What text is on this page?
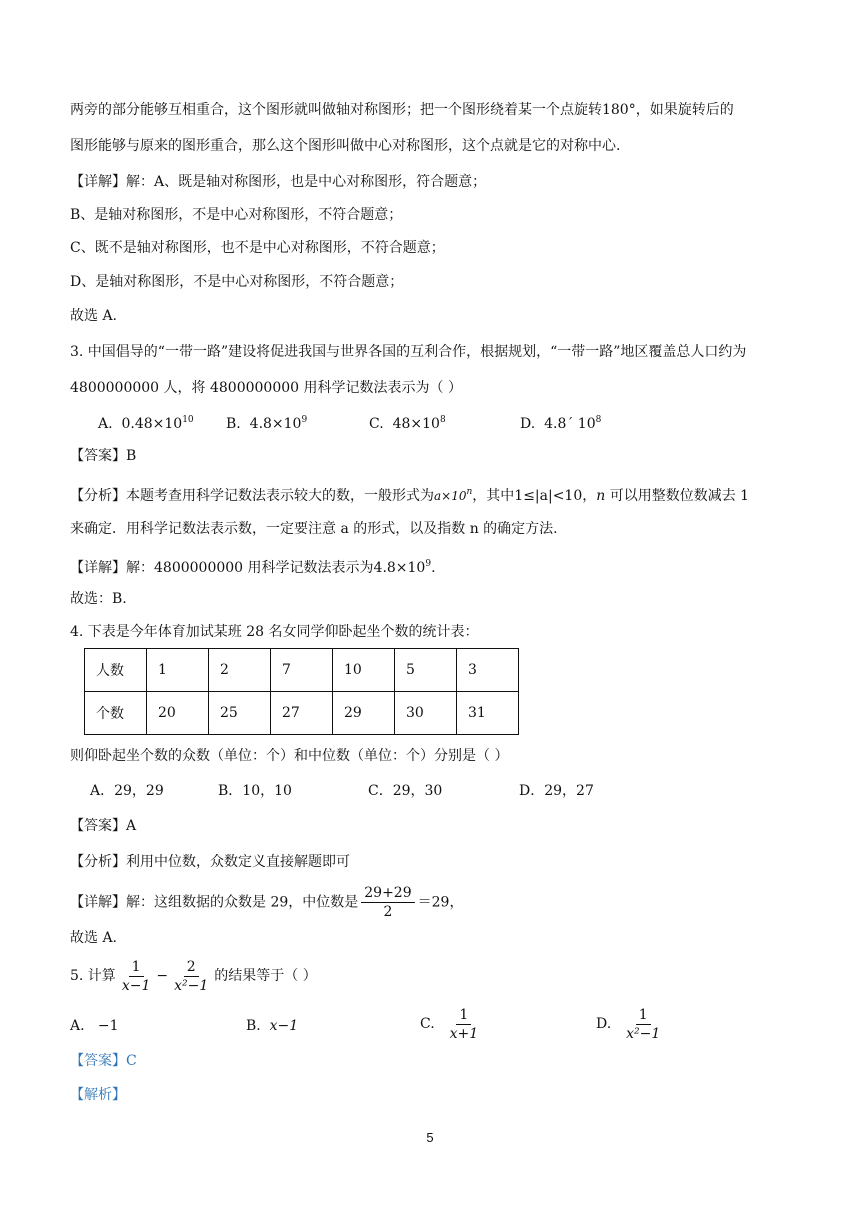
两旁的部分能够互相重合，这个图形就叫做轴对称图形；把一个图形绕着某一个点旋转180°，如果旋转后的
图形能够与原来的图形重合，那么这个图形叫做中心对称图形，这个点就是它的对称中心.
【详解】解：A、既是轴对称图形，也是中心对称图形，符合题意；
B、是轴对称图形，不是中心对称图形，不符合题意；
C、既不是轴对称图形，也不是中心对称图形，不符合题意；
D、是轴对称图形，不是中心对称图形，不符合题意；
故选 A.
3. 中国倡导的“一带一路”建设将促进我国与世界各国的互利合作，根据规划，“一带一路”地区覆盖总人口约为
4800000000 人，将 4800000000 用科学记数法表示为（ ）
A. $0.48\times 10^{10}$ B. $4.8\times 10^9$	C. $48\times 10^8$	D. 4.8´ $10^8$
【答案】B
【分析】本题考查用科学记数法表示较大的数，一般形式为$a\times 10^n$，其中1≤|a|<10，n 可以用整数位数减去 1
来确定．用科学记数法表示数，一定要注意 a 的形式，以及指数 n 的确定方法.
【详解】解：4800000000 用科学记数法表示为$4.8\times 10^9$.
故选：B.
4. 下表是今年体育加试某班 28 名女同学仰卧起坐个数的统计表：
人数	1	2	7	10	5	3
个数	20	25	27	29	30	31
则仰卧起坐个数的众数（单位：个）和中位数（单位：个）分别是（ ）
A．29，29	B．10，10	C．29，30	D．29，27
【答案】A
【分析】利用中位数，众数定义直接解题即可
【详解】解：这组数据的众数是 29，中位数是 $\frac{29+29}{2} =29$，
故选 A.
5. 计算 $\frac{1}{x-1} - \frac{2}{\text{x²−1}}$ 的结果等于（ ）
A. −1	B. x−1	C. $\frac{1}{x+1}$	D. $\frac{1}{\text{x²−1}}$
【答案】C
【解析】
5
